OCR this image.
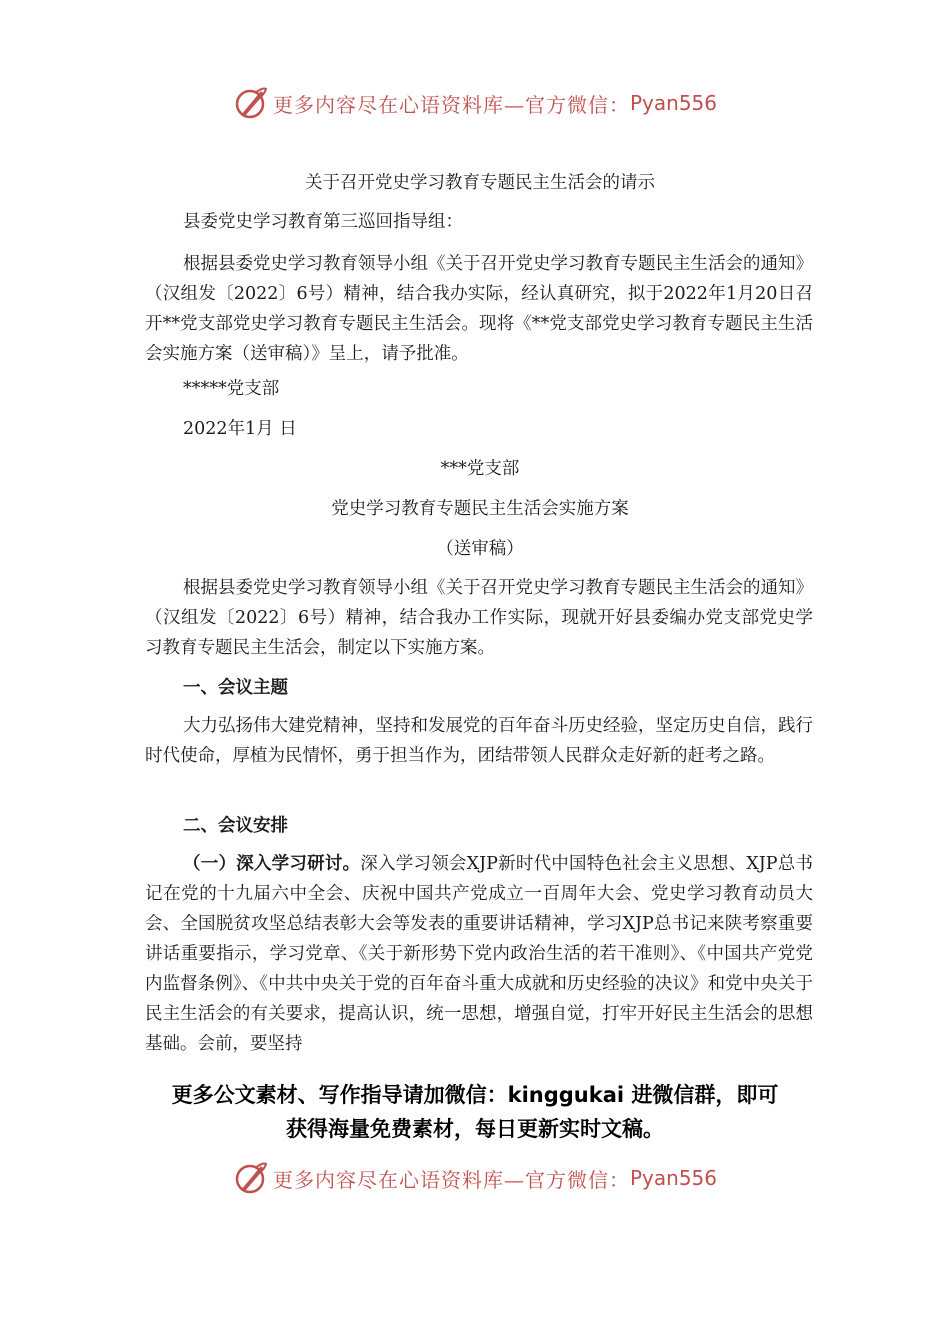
更多内容尽在心语资料库—官方微信： Pyan556
关于召开党史学习教育专题民主生活会的请示
县委党史学习教育第三巡回指导组：
根据县委党史学习教育领导小组《关于召开党史学习教育专题民主生活会的通知》（汉组发〔2022〕6号）精神，结合我办实际，经认真研究，拟于2022年1月20日召开**党支部党史学习教育专题民主生活会。现将《**党支部党史学习教育专题民主生活会实施方案（送审稿）》呈上，请予批准。
*****党支部
2022年1月 日
***党支部
党史学习教育专题民主生活会实施方案
（送审稿）
根据县委党史学习教育领导小组《关于召开党史学习教育专题民主生活会的通知》（汉组发〔2022〕6号）精神，结合我办工作实际，现就开好县委编办党支部党史学习教育专题民主生活会，制定以下实施方案。
一、会议主题
大力弘扬伟大建党精神，坚持和发展党的百年奋斗历史经验，坚定历史自信，践行时代使命，厚植为民情怀，勇于担当作为，团结带领人民群众走好新的赶考之路。
二、会议安排
（一）深入学习研讨。深入学习领会XJP新时代中国特色社会主义思想、XJP总书记在党的十九届六中全会、庆祝中国共产党成立一百周年大会、党史学习教育动员大会、全国脱贫攻坚总结表彰大会等发表的重要讲话精神，学习XJP总书记来陕考察重要讲话重要指示，学习党章、《关于新形势下党内政治生活的若干准则》、《中国共产党党内监督条例》、《中共中央关于党的百年奋斗重大成就和历史经验的决议》和党中央关于民主生活会的有关要求，提高认识，统一思想，增强自觉，打牢开好民主生活会的思想基础。会前，要坚持
更多公文素材、写作指导请加微信：kinggukai 进微信群，即可
获得海量免费素材，每日更新实时文稿。
更多内容尽在心语资料库—官方微信： Pyan556
